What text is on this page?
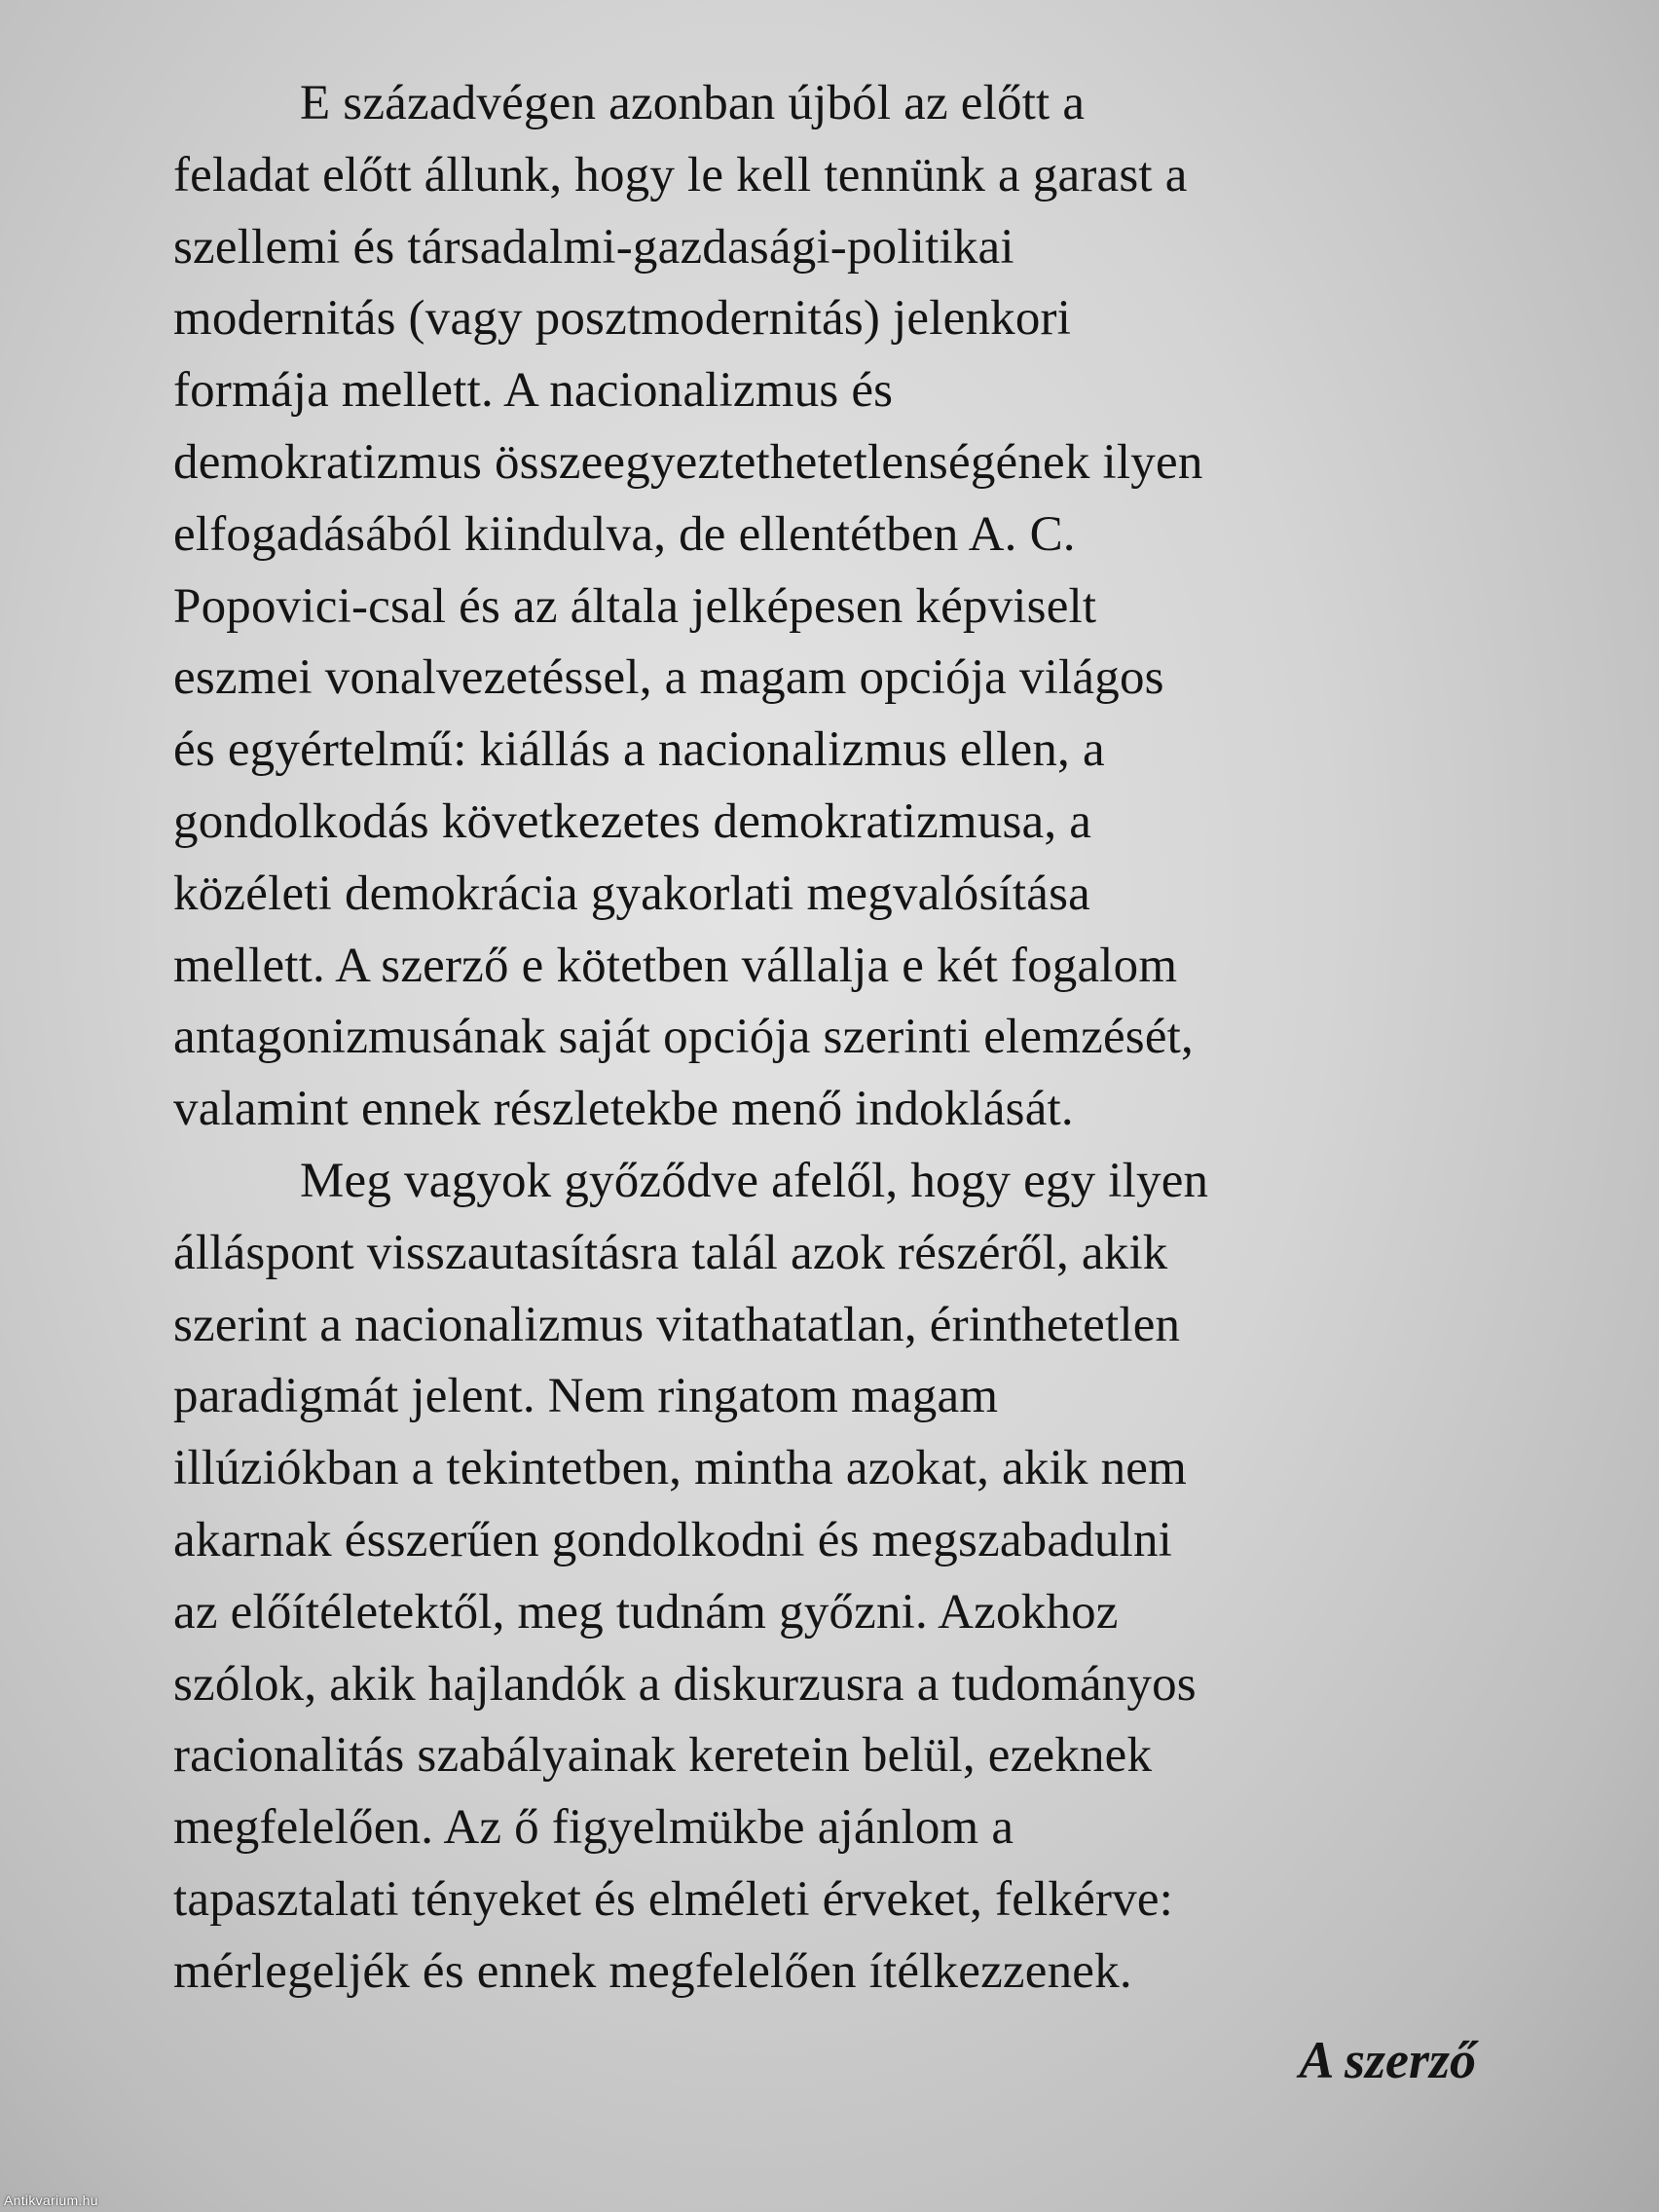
E századvégen azonban újból az előtt a
feladat előtt állunk, hogy le kell tennünk a garast a
szellemi és társadalmi-gazdasági-politikai
modernitás (vagy posztmodernitás) jelenkori
formája mellett. A nacionalizmus és
demokratizmus összeegyeztethetetlenségének ilyen
elfogadásából kiindulva, de ellentétben A. C.
Popovici-csal és az általa jelképesen képviselt
eszmei vonalvezetéssel, a magam opciója világos
és egyértelmű: kiállás a nacionalizmus ellen, a
gondolkodás következetes demokratizmusa, a
közéleti demokrácia gyakorlati megvalósítása
mellett. A szerző e kötetben vállalja e két fogalom
antagonizmusának saját opciója szerinti elemzését,
valamint ennek részletekbe menő indoklását.
Meg vagyok győződve afelől, hogy egy ilyen
álláspont visszautasításra talál azok részéről, akik
szerint a nacionalizmus vitathatatlan, érinthetetlen
paradigmát jelent. Nem ringatom magam
illúziókban a tekintetben, mintha azokat, akik nem
akarnak ésszerűen gondolkodni és megszabadulni
az előítéletektől, meg tudnám győzni. Azokhoz
szólok, akik hajlandók a diskurzusra a tudományos
racionalitás szabályainak keretein belül, ezeknek
megfelelően. Az ő figyelmükbe ajánlom a
tapasztalati tényeket és elméleti érveket, felkérve:
mérlegeljék és ennek megfelelően ítélkezzenek.
A szerző
Antikvarium.hu
